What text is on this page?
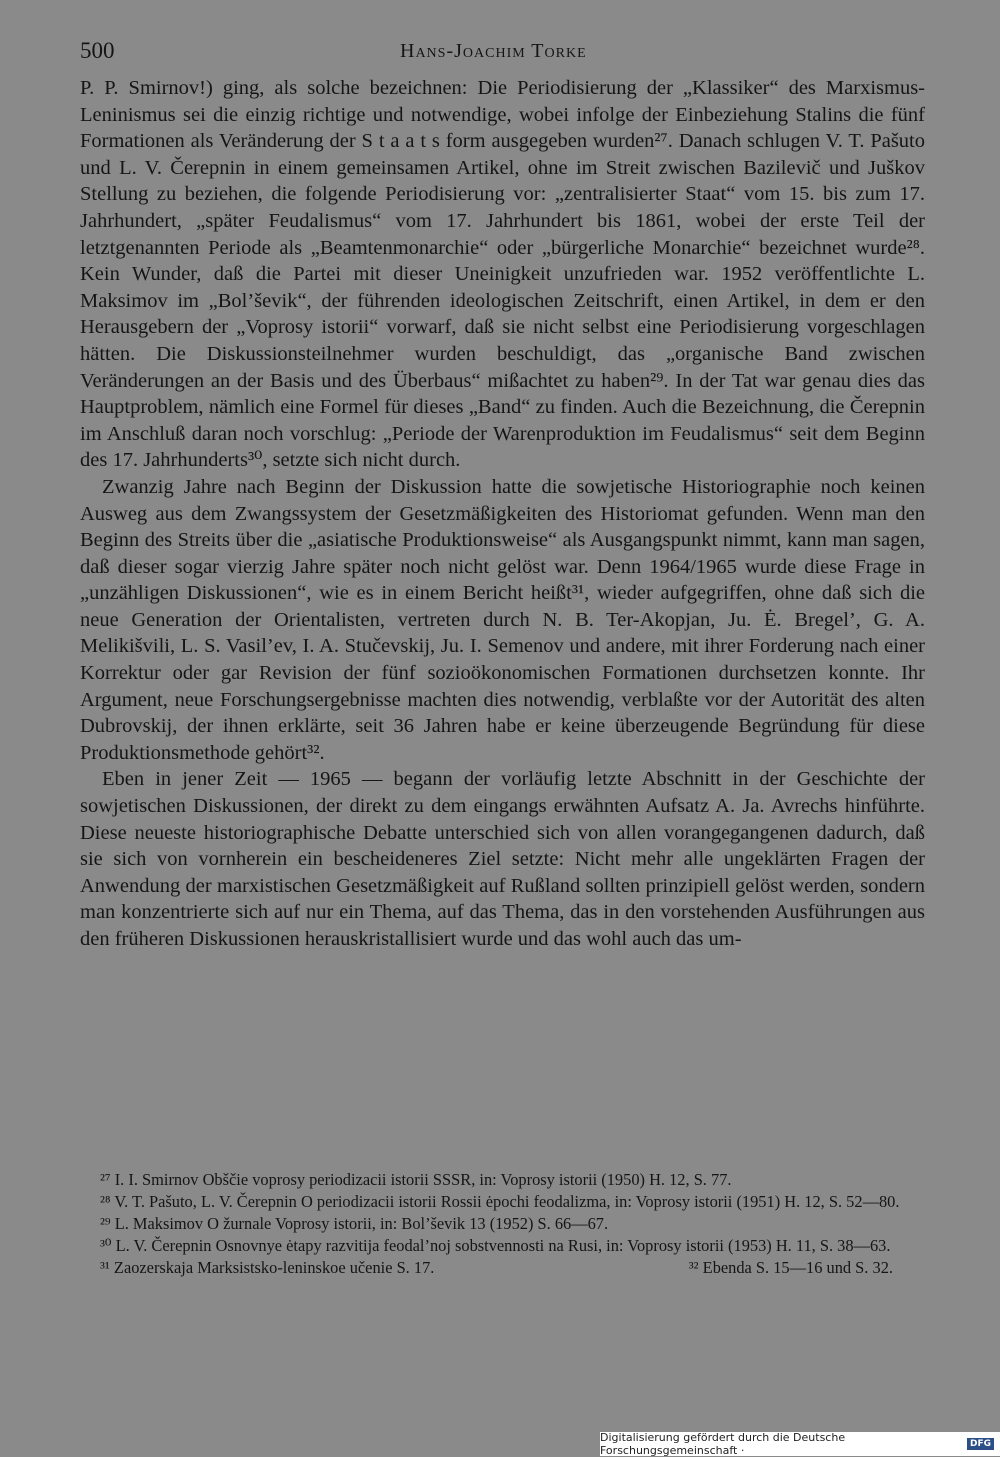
500	Hans-Joachim Torke

P. P. Smirnov!) ging, als solche bezeichnen: Die Periodisierung der „Klassiker“ des Marxismus-Leninismus sei die einzig richtige und notwendige, wobei infolge der Einbeziehung Stalins die fünf Formationen als Veränderung der S t a a t s form ausgegeben wurden²⁷. Danach schlugen V. T. Pašuto und L. V. Čerepnin in einem gemeinsamen Artikel, ohne im Streit zwischen Bazilevič und Juškov Stellung zu beziehen, die folgende Periodisierung vor: „zentralisierter Staat“ vom 15. bis zum 17. Jahrhundert, „später Feudalismus“ vom 17. Jahrhundert bis 1861, wobei der erste Teil der letztgenannten Periode als „Beamtenmonarchie“ oder „bürgerliche Monarchie“ bezeichnet wurde²⁸. Kein Wunder, daß die Partei mit dieser Uneinigkeit unzufrieden war. 1952 veröffentlichte L. Maksimov im „Bol’ševik“, der führenden ideologischen Zeitschrift, einen Artikel, in dem er den Herausgebern der „Voprosy istorii“ vorwarf, daß sie nicht selbst eine Periodisierung vorgeschlagen hätten. Die Diskussionsteilnehmer wurden beschuldigt, das „organische Band zwischen Veränderungen an der Basis und des Überbaus“ mißachtet zu haben²⁹. In der Tat war genau dies das Hauptproblem, nämlich eine Formel für dieses „Band“ zu finden. Auch die Bezeichnung, die Čerepnin im Anschluß daran noch vorschlug: „Periode der Warenproduktion im Feudalismus“ seit dem Beginn des 17. Jahrhunderts³⁰, setzte sich nicht durch.

Zwanzig Jahre nach Beginn der Diskussion hatte die sowjetische Historiographie noch keinen Ausweg aus dem Zwangssystem der Gesetzmäßigkeiten des Historiomat gefunden. Wenn man den Beginn des Streits über die „asiatische Produktionsweise“ als Ausgangspunkt nimmt, kann man sagen, daß dieser sogar vierzig Jahre später noch nicht gelöst war. Denn 1964/1965 wurde diese Frage in „unzähligen Diskussionen“, wie es in einem Bericht heißt³¹, wieder aufgegriffen, ohne daß sich die neue Generation der Orientalisten, vertreten durch N. B. Ter-Akopjan, Ju. Ė. Bregel’, G. A. Melikišvili, L. S. Vasil’ev, I. A. Stučevskij, Ju. I. Semenov und andere, mit ihrer Forderung nach einer Korrektur oder gar Revision der fünf sozioökonomischen Formationen durchsetzen konnte. Ihr Argument, neue Forschungsergebnisse machten dies notwendig, verblaßte vor der Autorität des alten Dubrovskij, der ihnen erklärte, seit 36 Jahren habe er keine überzeugende Begründung für diese Produktionsmethode gehört³².

Eben in jener Zeit — 1965 — begann der vorläufig letzte Abschnitt in der Geschichte der sowjetischen Diskussionen, der direkt zu dem eingangs erwähnten Aufsatz A. Ja. Avrechs hinführte. Diese neueste historiographische Debatte unterschied sich von allen vorangegangenen dadurch, daß sie sich von vornherein ein bescheideneres Ziel setzte: Nicht mehr alle ungeklärten Fragen der Anwendung der marxistischen Gesetzmäßigkeit auf Rußland sollten prinzipiell gelöst werden, sondern man konzentrierte sich auf nur ein Thema, auf das Thema, das in den vorstehenden Ausführungen aus den früheren Diskussionen herauskristallisiert wurde und das wohl auch das um-

²⁷ I. I. Smirnov Obščie voprosy periodizacii istorii SSSR, in: Voprosy istorii (1950) H. 12, S. 77.

²⁸ V. T. Pašuto, L. V. Čerepnin O periodizacii istorii Rossii ėpochi feodalizma, in: Voprosy istorii (1951) H. 12, S. 52—80.

²⁹ L. Maksimov O žurnale Voprosy istorii, in: Bol’ševik 13 (1952) S. 66—67.

³⁰ L. V. Čerepnin Osnovnye ėtapy razvitija feodal’noj sobstvennosti na Rusi, in: Voprosy istorii (1953) H. 11, S. 38—63.

³¹ Zaozerskaja Marksistsko-leninskoe učenie S. 17.	³² Ebenda S. 15—16 und S. 32.
Digitalisierung gefördert durch die Deutsche Forschungsgemeinschaft ·	DFG
